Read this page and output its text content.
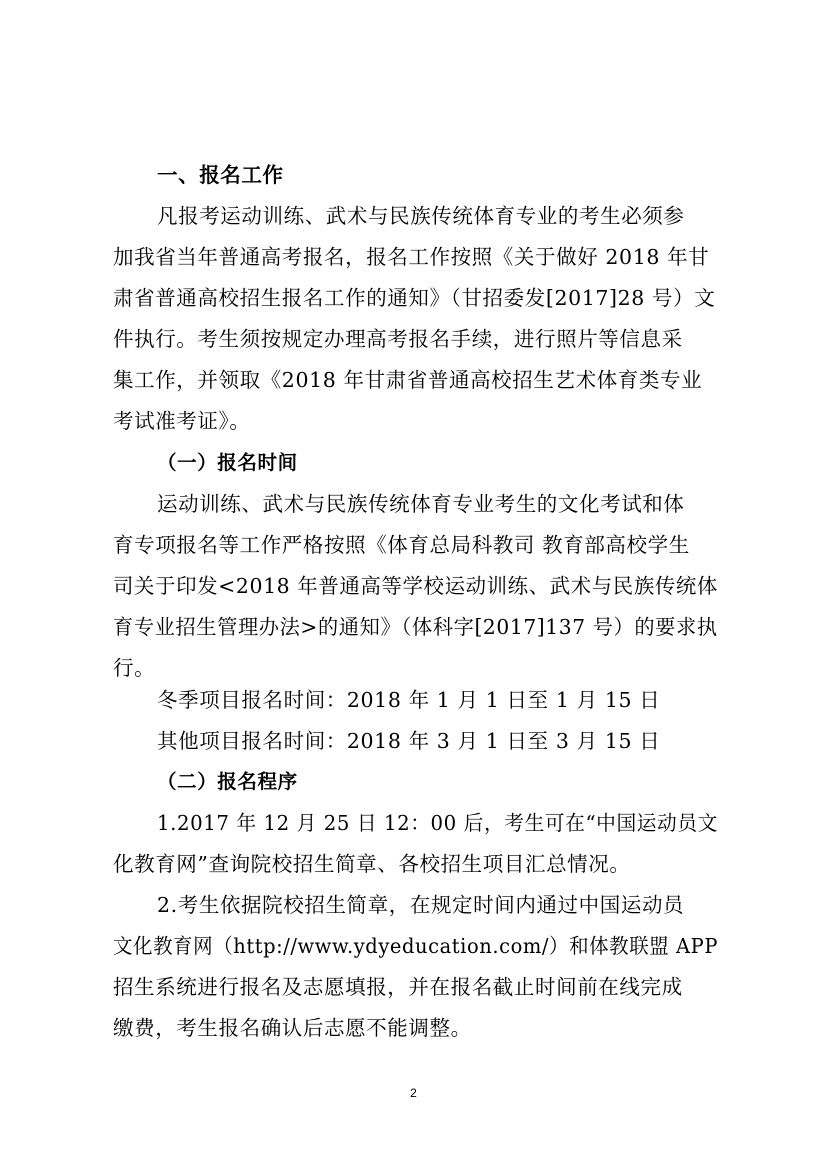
一、报名工作
凡报考运动训练、武术与民族传统体育专业的考生必须参
加我省当年普通高考报名，报名工作按照《关于做好 2018 年甘
肃省普通高校招生报名工作的通知》（甘招委发[2017]28 号）文
件执行。考生须按规定办理高考报名手续，进行照片等信息采
集工作，并领取《2018 年甘肃省普通高校招生艺术体育类专业
考试准考证》。
（一）报名时间
运动训练、武术与民族传统体育专业考生的文化考试和体
育专项报名等工作严格按照《体育总局科教司 教育部高校学生
司关于印发<2018 年普通高等学校运动训练、武术与民族传统体
育专业招生管理办法>的通知》（体科字[2017]137 号）的要求执
行。
冬季项目报名时间：2018 年 1 月 1 日至 1 月 15 日
其他项目报名时间：2018 年 3 月 1 日至 3 月 15 日
（二）报名程序
1.2017 年 12 月 25 日 12：00 后，考生可在“中国运动员文
化教育网”查询院校招生简章、各校招生项目汇总情况。
2.考生依据院校招生简章，在规定时间内通过中国运动员
文化教育网（http://www.ydyeducation.com/）和体教联盟 APP
招生系统进行报名及志愿填报，并在报名截止时间前在线完成
缴费，考生报名确认后志愿不能调整。
2
